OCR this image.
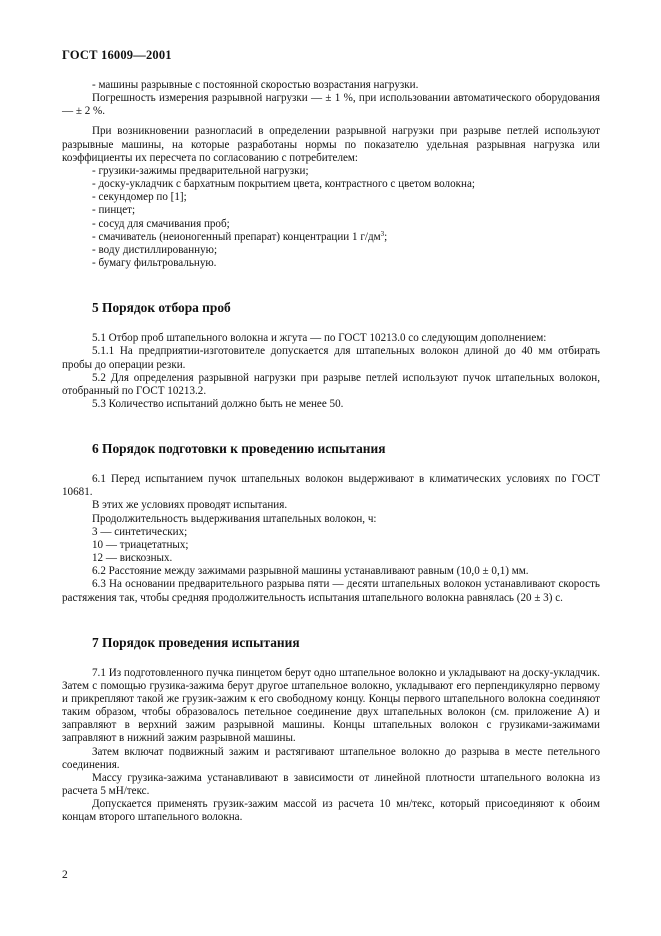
ГОСТ 16009—2001

- машины разрывные с постоянной скоростью возрастания нагрузки.

Погрешность измерения разрывной нагрузки — ± 1 %, при использовании автоматического оборудования — ± 2 %.

При возникновении разногласий в определении разрывной нагрузки при разрыве петлей используют разрывные машины, на которые разработаны нормы по показателю удельная разрывная нагрузка или коэффициенты их пересчета по согласованию с потребителем:

- грузики-зажимы предварительной нагрузки;

- доску-укладчик с бархатным покрытием цвета, контрастного с цветом волокна;

- секундомер по [1];

- пинцет;

- сосуд для смачивания проб;

- смачиватель (неионогенный препарат) концентрации 1 $г/дм^3$;

- воду дистиллированную;

- бумагу фильтровальную.

5 Порядок отбора проб

5.1 Отбор проб штапельного волокна и жгута — по ГОСТ 10213.0 со следующим дополнением:

5.1.1 На предприятии-изготовителе допускается для штапельных волокон длиной до 40 мм отбирать пробы до операции резки.

5.2 Для определения разрывной нагрузки при разрыве петлей используют пучок штапельных волокон, отобранный по ГОСТ 10213.2.

5.3 Количество испытаний должно быть не менее 50.

6 Порядок подготовки к проведению испытания

6.1 Перед испытанием пучок штапельных волокон выдерживают в климатических условиях по ГОСТ 10681.

В этих же условиях проводят испытания.

Продолжительность выдерживания штапельных волокон, ч:

3 — синтетических;

10 — триацетатных;

12 — вискозных.

6.2 Расстояние между зажимами разрывной машины устанавливают равным (10,0 ± 0,1) мм.

6.3 На основании предварительного разрыва пяти — десяти штапельных волокон устанавливают скорость растяжения так, чтобы средняя продолжительность испытания штапельного волокна равнялась (20 ± 3) с.

7 Порядок проведения испытания

7.1 Из подготовленного пучка пинцетом берут одно штапельное волокно и укладывают на доску-укладчик. Затем с помощью грузика-зажима берут другое штапельное волокно, укладывают его перпендикулярно первому и прикрепляют такой же грузик-зажим к его свободному концу. Концы первого штапельного волокна соединяют таким образом, чтобы образовалось петельное соединение двух штапельных волокон (см. приложение А) и заправляют в верхний зажим разрывной машины. Концы штапельных волокон с грузиками-зажимами заправляют в нижний зажим разрывной машины.

Затем включат подвижный зажим и растягивают штапельное волокно до разрыва в месте петельного соединения.

Массу грузика-зажима устанавливают в зависимости от линейной плотности штапельного волокна из расчета 5 мН/текс.

Допускается применять грузик-зажим массой из расчета 10 мн/текс, который присоединяют к обоим концам второго штапельного волокна.

2
